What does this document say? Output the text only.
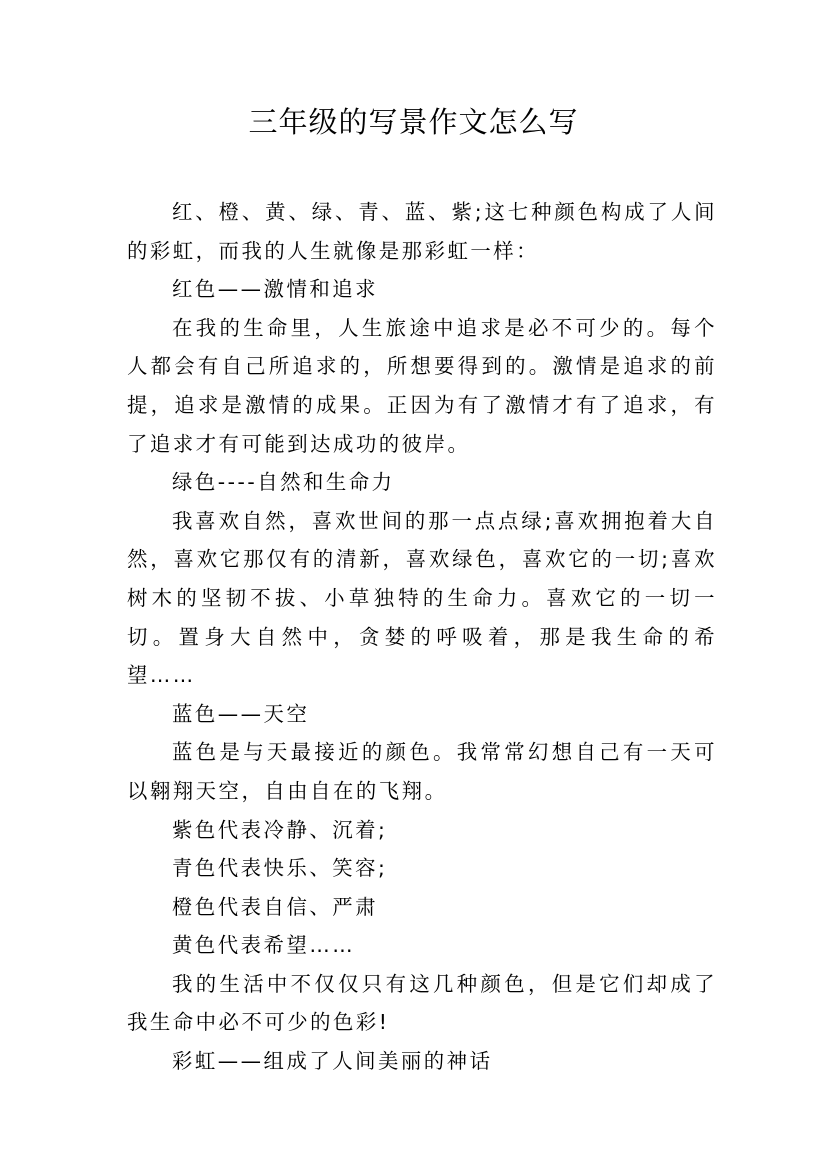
三年级的写景作文怎么写

红、橙、黄、绿、青、蓝、紫;这七种颜色构成了人间的彩虹，而我的人生就像是那彩虹一样：

红色——激情和追求

在我的生命里，人生旅途中追求是必不可少的。每个人都会有自己所追求的，所想要得到的。激情是追求的前提，追求是激情的成果。正因为有了激情才有了追求，有了追求才有可能到达成功的彼岸。

绿色----自然和生命力

我喜欢自然，喜欢世间的那一点点绿;喜欢拥抱着大自然，喜欢它那仅有的清新，喜欢绿色，喜欢它的一切;喜欢树木的坚韧不拔、小草独特的生命力。喜欢它的一切一切。置身大自然中，贪婪的呼吸着，那是我生命的希望……

蓝色——天空

蓝色是与天最接近的颜色。我常常幻想自己有一天可以翱翔天空，自由自在的飞翔。

紫色代表冷静、沉着;

青色代表快乐、笑容;

橙色代表自信、严肃

黄色代表希望……

我的生活中不仅仅只有这几种颜色，但是它们却成了我生命中必不可少的色彩!

彩虹——组成了人间美丽的神话
